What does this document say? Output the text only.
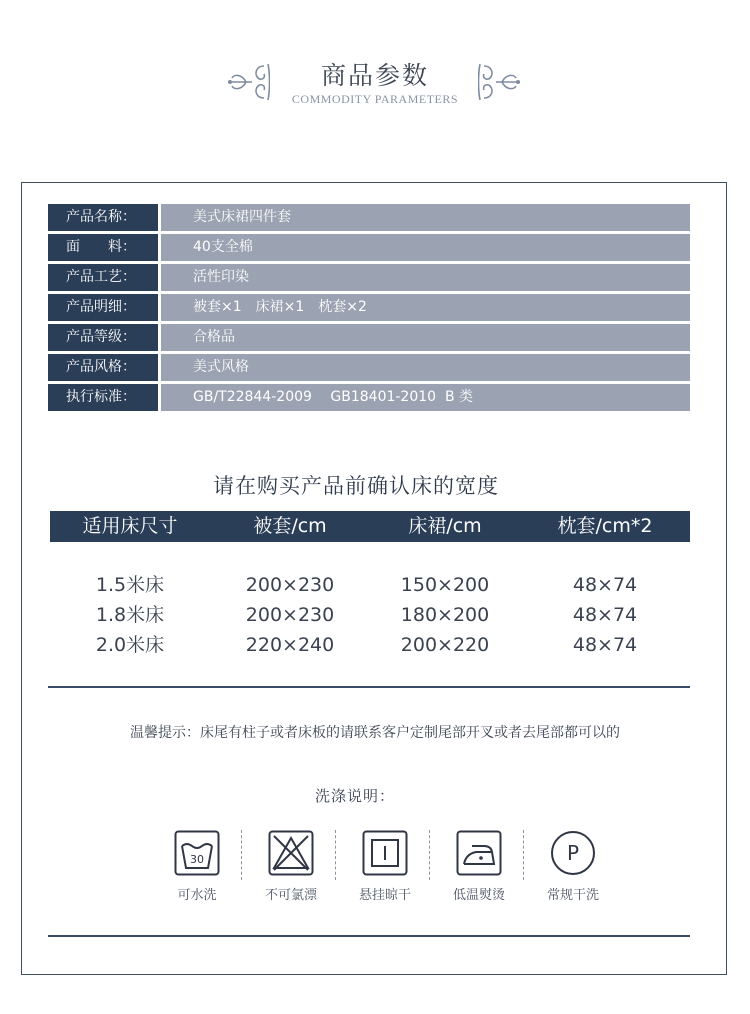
商品参数
COMMODITY PARAMETERS
产品名称：	美式床裙四件套
面　　料：	40支全棉
产品工艺：	活性印染
产品明细：	被套×1　床裙×1　枕套×2
产品等级：	合格品
产品风格：	美式风格
执行标准：	GB/T22844-2009　 GB18401-2010  B 类
请在购买产品前确认床的宽度
适用床尺寸	被套/cm	床裙/cm	枕套/cm*2
1.5米床	200×230	150×200	48×74
1.8米床	200×230	180×200	48×74
2.0米床	220×240	200×220	48×74
温馨提示：床尾有柱子或者床板的请联系客户定制尾部开叉或者去尾部都可以的
洗涤说明：
30
可水洗	不可氯漂	悬挂晾干	低温熨烫
P
常规干洗
